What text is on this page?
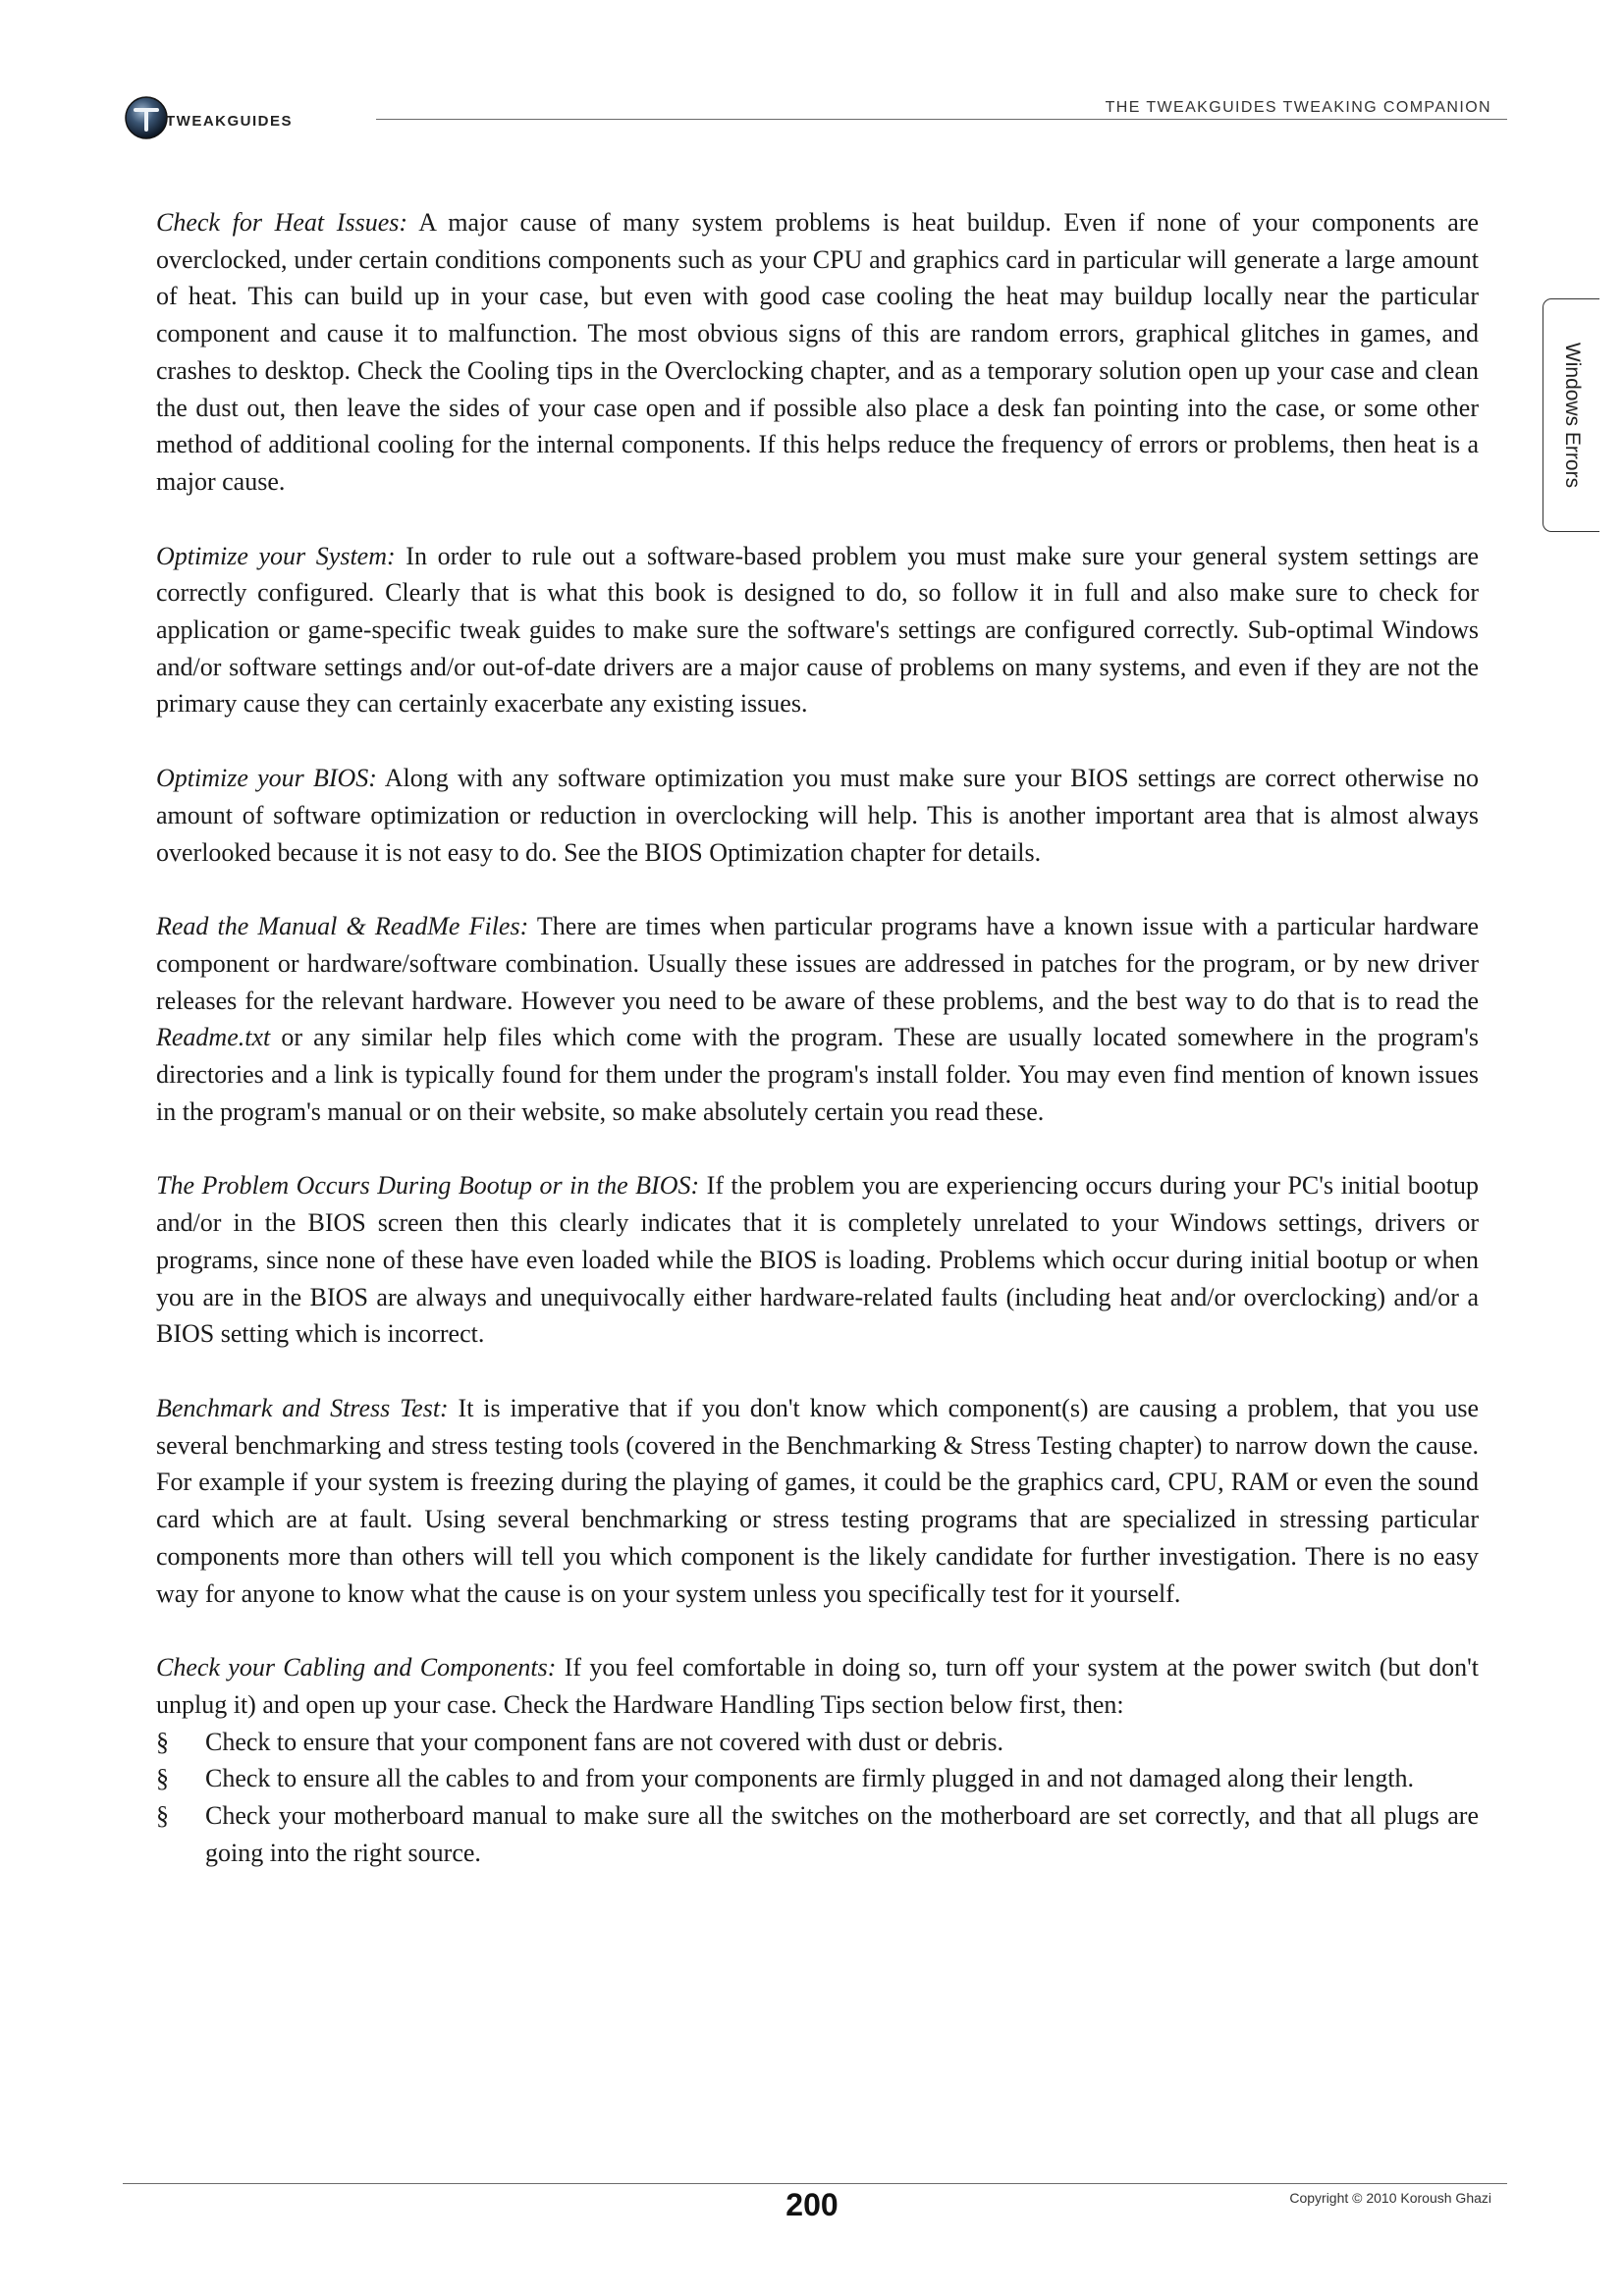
TWEAKGUIDES
THE TWEAKGUIDES TWEAKING COMPANION
Windows Errors

Check for Heat Issues: A major cause of many system problems is heat buildup. Even if none of your components are overclocked, under certain conditions components such as your CPU and graphics card in particular will generate a large amount of heat. This can build up in your case, but even with good case cooling the heat may buildup locally near the particular component and cause it to malfunction. The most obvious signs of this are random errors, graphical glitches in games, and crashes to desktop. Check the Cooling tips in the Overclocking chapter, and as a temporary solution open up your case and clean the dust out, then leave the sides of your case open and if possible also place a desk fan pointing into the case, or some other method of additional cooling for the internal components. If this helps reduce the frequency of errors or problems, then heat is a major cause.

Optimize your System: In order to rule out a software-based problem you must make sure your general system settings are correctly configured. Clearly that is what this book is designed to do, so follow it in full and also make sure to check for application or game-specific tweak guides to make sure the software's settings are configured correctly. Sub-optimal Windows and/or software settings and/or out-of-date drivers are a major cause of problems on many systems, and even if they are not the primary cause they can certainly exacerbate any existing issues.

Optimize your BIOS: Along with any software optimization you must make sure your BIOS settings are correct otherwise no amount of software optimization or reduction in overclocking will help. This is another important area that is almost always overlooked because it is not easy to do. See the BIOS Optimization chapter for details.

Read the Manual & ReadMe Files: There are times when particular programs have a known issue with a particular hardware component or hardware/software combination. Usually these issues are addressed in patches for the program, or by new driver releases for the relevant hardware. However you need to be aware of these problems, and the best way to do that is to read the Readme.txt or any similar help files which come with the program. These are usually located somewhere in the program's directories and a link is typically found for them under the program's install folder. You may even find mention of known issues in the program's manual or on their website, so make absolutely certain you read these.

The Problem Occurs During Bootup or in the BIOS: If the problem you are experiencing occurs during your PC's initial bootup and/or in the BIOS screen then this clearly indicates that it is completely unrelated to your Windows settings, drivers or programs, since none of these have even loaded while the BIOS is loading. Problems which occur during initial bootup or when you are in the BIOS are always and unequivocally either hardware-related faults (including heat and/or overclocking) and/or a BIOS setting which is incorrect.

Benchmark and Stress Test: It is imperative that if you don't know which component(s) are causing a problem, that you use several benchmarking and stress testing tools (covered in the Benchmarking & Stress Testing chapter) to narrow down the cause. For example if your system is freezing during the playing of games, it could be the graphics card, CPU, RAM or even the sound card which are at fault. Using several benchmarking or stress testing programs that are specialized in stressing particular components more than others will tell you which component is the likely candidate for further investigation. There is no easy way for anyone to know what the cause is on your system unless you specifically test for it yourself.

Check your Cabling and Components: If you feel comfortable in doing so, turn off your system at the power switch (but don't unplug it) and open up your case. Check the Hardware Handling Tips section below first, then:

§ Check to ensure that your component fans are not covered with dust or debris.
§ Check to ensure all the cables to and from your components are firmly plugged in and not damaged along their length.
§ Check your motherboard manual to make sure all the switches on the motherboard are set correctly, and that all plugs are going into the right source.
200	Copyright © 2010 Koroush Ghazi
